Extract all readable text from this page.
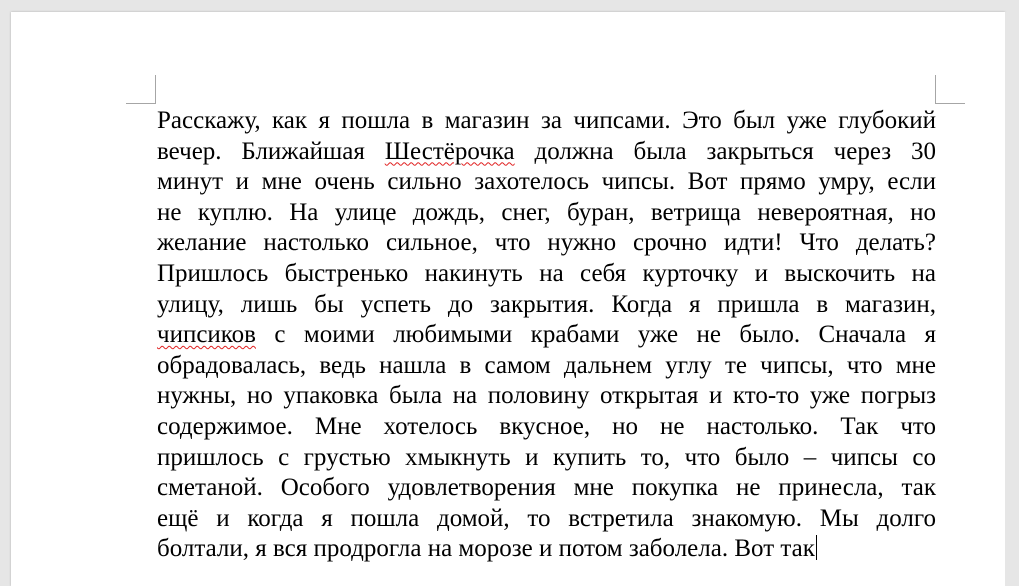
Расскажу, как я пошла в магазин за чипсами. Это был уже глубокий
вечер. Ближайшая Шестёрочка должна была закрыться через 30
минут и мне очень сильно захотелось чипсы. Вот прямо умру, если
не куплю. На улице дождь, снег, буран, ветрища невероятная, но
желание настолько сильное, что нужно срочно идти! Что делать?
Пришлось быстренько накинуть на себя курточку и выскочить на
улицу, лишь бы успеть до закрытия. Когда я пришла в магазин,
чипсиков с моими любимыми крабами уже не было. Сначала я
обрадовалась, ведь нашла в самом дальнем углу те чипсы, что мне
нужны, но упаковка была на половину открытая и кто-то уже погрыз
содержимое. Мне хотелось вкусное, но не настолько. Так что
пришлось с грустью хмыкнуть и купить то, что было – чипсы со
сметаной. Особого удовлетворения мне покупка не принесла, так
ещё и когда я пошла домой, то встретила знакомую. Мы долго
болтали, я вся продрогла на морозе и потом заболела. Вот так
